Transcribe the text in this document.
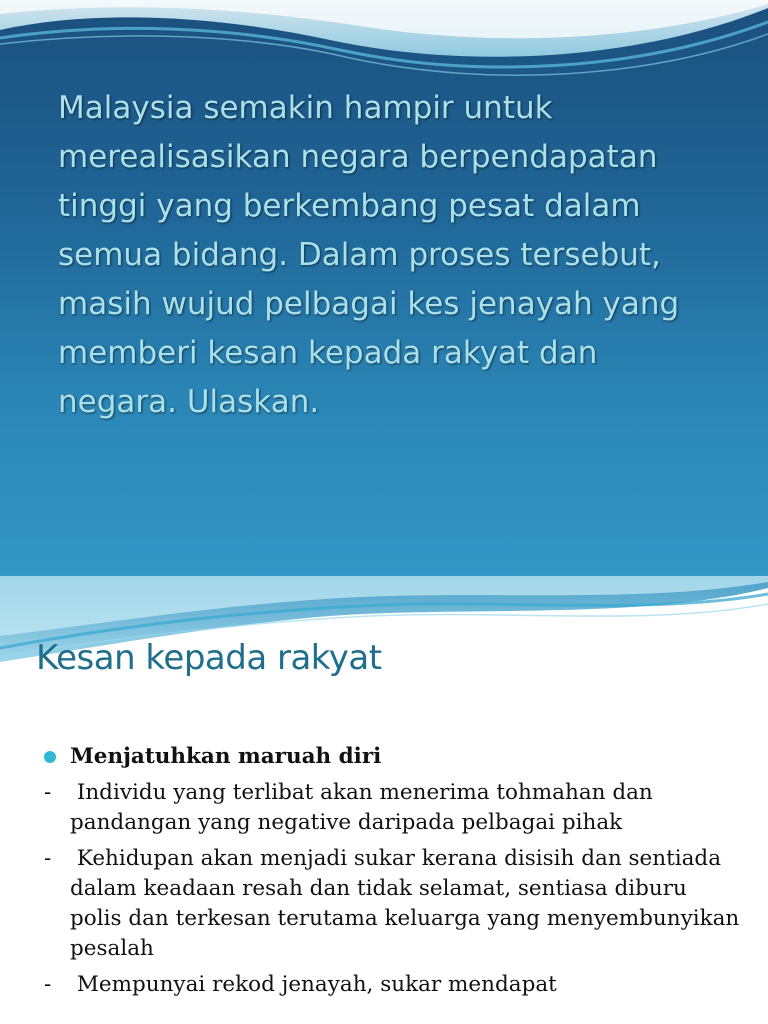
Malaysia semakin hampir untuk merealisasikan negara berpendapatan tinggi yang berkembang pesat dalam semua bidang. Dalam proses tersebut, masih wujud pelbagai kes jenayah yang memberi kesan kepada rakyat dan negara. Ulaskan.
Kesan kepada rakyat
Menjatuhkan maruah diri
- Individu yang terlibat akan menerima tohmahan dan pandangan yang negative daripada pelbagai pihak
- Kehidupan akan menjadi sukar kerana disisih dan sentiada dalam keadaan resah dan tidak selamat, sentiasa diburu polis dan terkesan terutama keluarga yang menyembunyikan pesalah
- Mempunyai rekod jenayah, sukar mendapat
